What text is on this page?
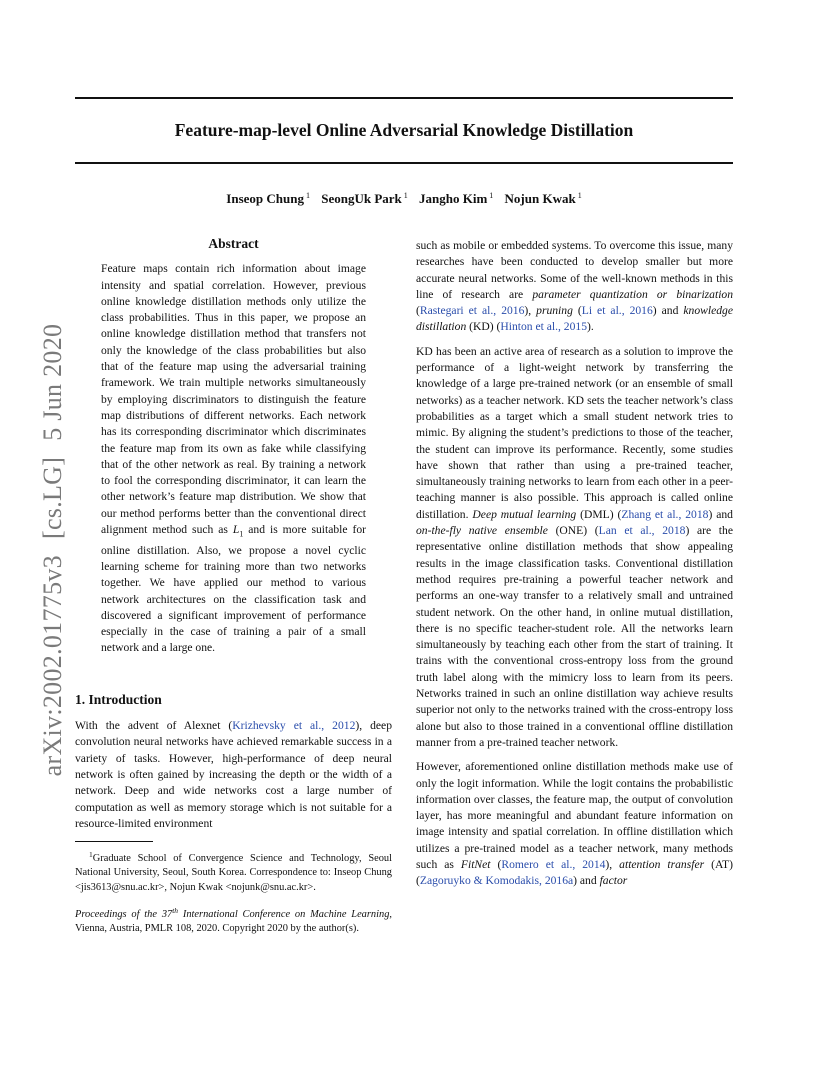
arXiv:2002.01775v3[cs.LG]5 Jun 2020
Feature-map-level Online Adversarial Knowledge Distillation
Inseop Chung $^1$ SeongUk Park $^1$ Jangho Kim $^1$ Nojun Kwak $^1$
Abstract

Feature maps contain rich information about image intensity and spatial correlation. However, previous online knowledge distillation methods only utilize the class probabilities. Thus in this paper, we propose an online knowledge distillation method that transfers not only the knowledge of the class probabilities but also that of the feature map using the adversarial training framework. We train multiple networks simultaneously by employing discriminators to distinguish the feature map distributions of different networks. Each network has its corresponding discriminator which discriminates the feature map from its own as fake while classifying that of the other network as real. By training a network to fool the corresponding discriminator, it can learn the other network’s feature map distribution. We show that our method performs better than the conventional direct alignment method such as $L_1$ and is more suitable for online distillation. Also, we propose a novel cyclic learning scheme for training more than two networks together. We have applied our method to various network architectures on the classification task and discovered a significant improvement of performance especially in the case of training a pair of a small network and a large one.

1. Introduction

With the advent of Alexnet (Krizhevsky et al., 2012), deep convolution neural networks have achieved remarkable success in a variety of tasks. However, high-performance of deep neural network is often gained by increasing the depth or the width of a network. Deep and wide networks cost a large number of computation as well as memory storage which is not suitable for a resource-limited environment

$^1$Graduate School of Convergence Science and Technology, Seoul National University, Seoul, South Korea. Correspondence to: Inseop Chung <jis3613@snu.ac.kr>, Nojun Kwak <nojunk@snu.ac.kr>.

Proceedings of the 37th International Conference on Machine Learning, Vienna, Austria, PMLR 108, 2020. Copyright 2020 by the author(s).

such as mobile or embedded systems. To overcome this issue, many researches have been conducted to develop smaller but more accurate neural networks. Some of the well-known methods in this line of research are parameter quantization or binarization (Rastegari et al., 2016), pruning (Li et al., 2016) and knowledge distillation (KD) (Hinton et al., 2015).

KD has been an active area of research as a solution to improve the performance of a light-weight network by transferring the knowledge of a large pre-trained network (or an ensemble of small networks) as a teacher network. KD sets the teacher network’s class probabilities as a target which a small student network tries to mimic. By aligning the student’s predictions to those of the teacher, the student can improve its performance. Recently, some studies have shown that rather than using a pre-trained teacher, simultaneously training networks to learn from each other in a peer-teaching manner is also possible. This approach is called online distillation. Deep mutual learning (DML) (Zhang et al., 2018) and on-the-fly native ensemble (ONE) (Lan et al., 2018) are the representative online distillation methods that show appealing results in the image classification tasks. Conventional distillation method requires pre-training a powerful teacher network and performs an one-way transfer to a relatively small and untrained student network. On the other hand, in online mutual distillation, there is no specific teacher-student role. All the networks learn simultaneously by teaching each other from the start of training. It trains with the conventional cross-entropy loss from the ground truth label along with the mimicry loss to learn from its peers. Networks trained in such an online distillation way achieve results superior not only to the networks trained with the cross-entropy loss alone but also to those trained in a conventional offline distillation manner from a pre-trained teacher network.

However, aforementioned online distillation methods make use of only the logit information. While the logit contains the probabilistic information over classes, the feature map, the output of convolution layer, has more meaningful and abundant feature information on image intensity and spatial correlation. In offline distillation which utilizes a pre-trained model as a teacher network, many methods such as FitNet (Romero et al., 2014), attention transfer (AT) (Zagoruyko & Komodakis, 2016a) and factor
